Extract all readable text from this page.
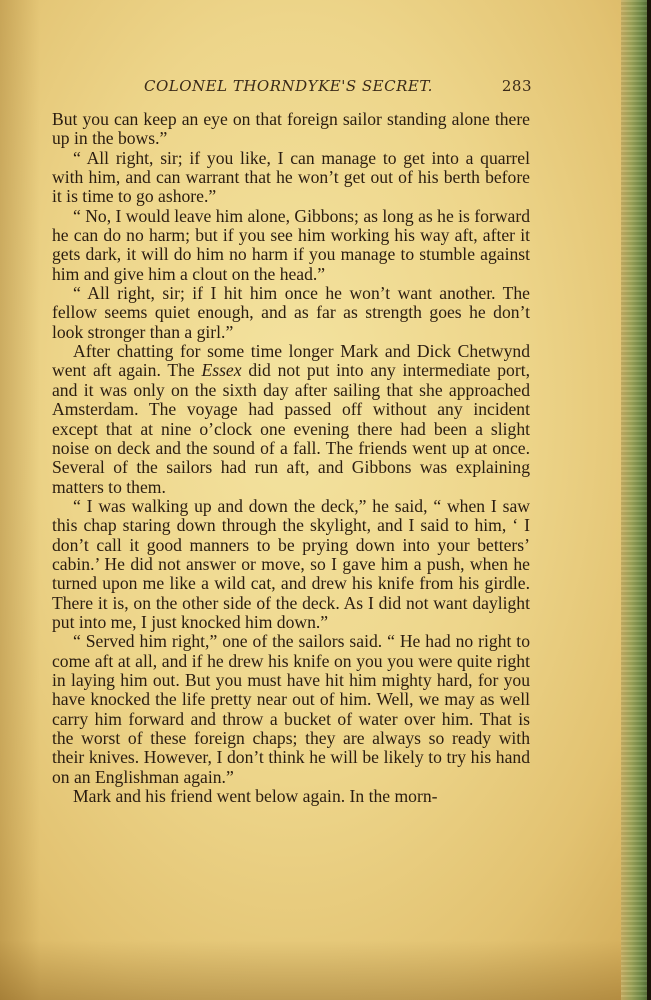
COLONEL THORNDYKE'S SECRET.	283

But you can keep an eye on that foreign sailor standing alone there up in the bows.”

“ All right, sir; if you like, I can manage to get into a quarrel with him, and can warrant that he won’t get out of his berth before it is time to go ashore.”

“ No, I would leave him alone, Gibbons; as long as he is forward he can do no harm; but if you see him working his way aft, after it gets dark, it will do him no harm if you manage to stumble against him and give him a clout on the head.”

“ All right, sir; if I hit him once he won’t want another. The fellow seems quiet enough, and as far as strength goes he don’t look stronger than a girl.”

After chatting for some time longer Mark and Dick Chetwynd went aft again. The Essex did not put into any intermediate port, and it was only on the sixth day after sailing that she approached Amsterdam. The voyage had passed off without any incident except that at nine o’clock one evening there had been a slight noise on deck and the sound of a fall. The friends went up at once. Several of the sailors had run aft, and Gibbons was explaining matters to them.

“ I was walking up and down the deck,” he said, “ when I saw this chap staring down through the skylight, and I said to him, ‘ I don’t call it good manners to be prying down into your betters’ cabin.’ He did not answer or move, so I gave him a push, when he turned upon me like a wild cat, and drew his knife from his girdle. There it is, on the other side of the deck. As I did not want daylight put into me, I just knocked him down.”

“ Served him right,” one of the sailors said. “ He had no right to come aft at all, and if he drew his knife on you you were quite right in laying him out. But you must have hit him mighty hard, for you have knocked the life pretty near out of him. Well, we may as well carry him forward and throw a bucket of water over him. That is the worst of these foreign chaps; they are always so ready with their knives. However, I don’t think he will be likely to try his hand on an Englishman again.”

Mark and his friend went below again. In the morn-
